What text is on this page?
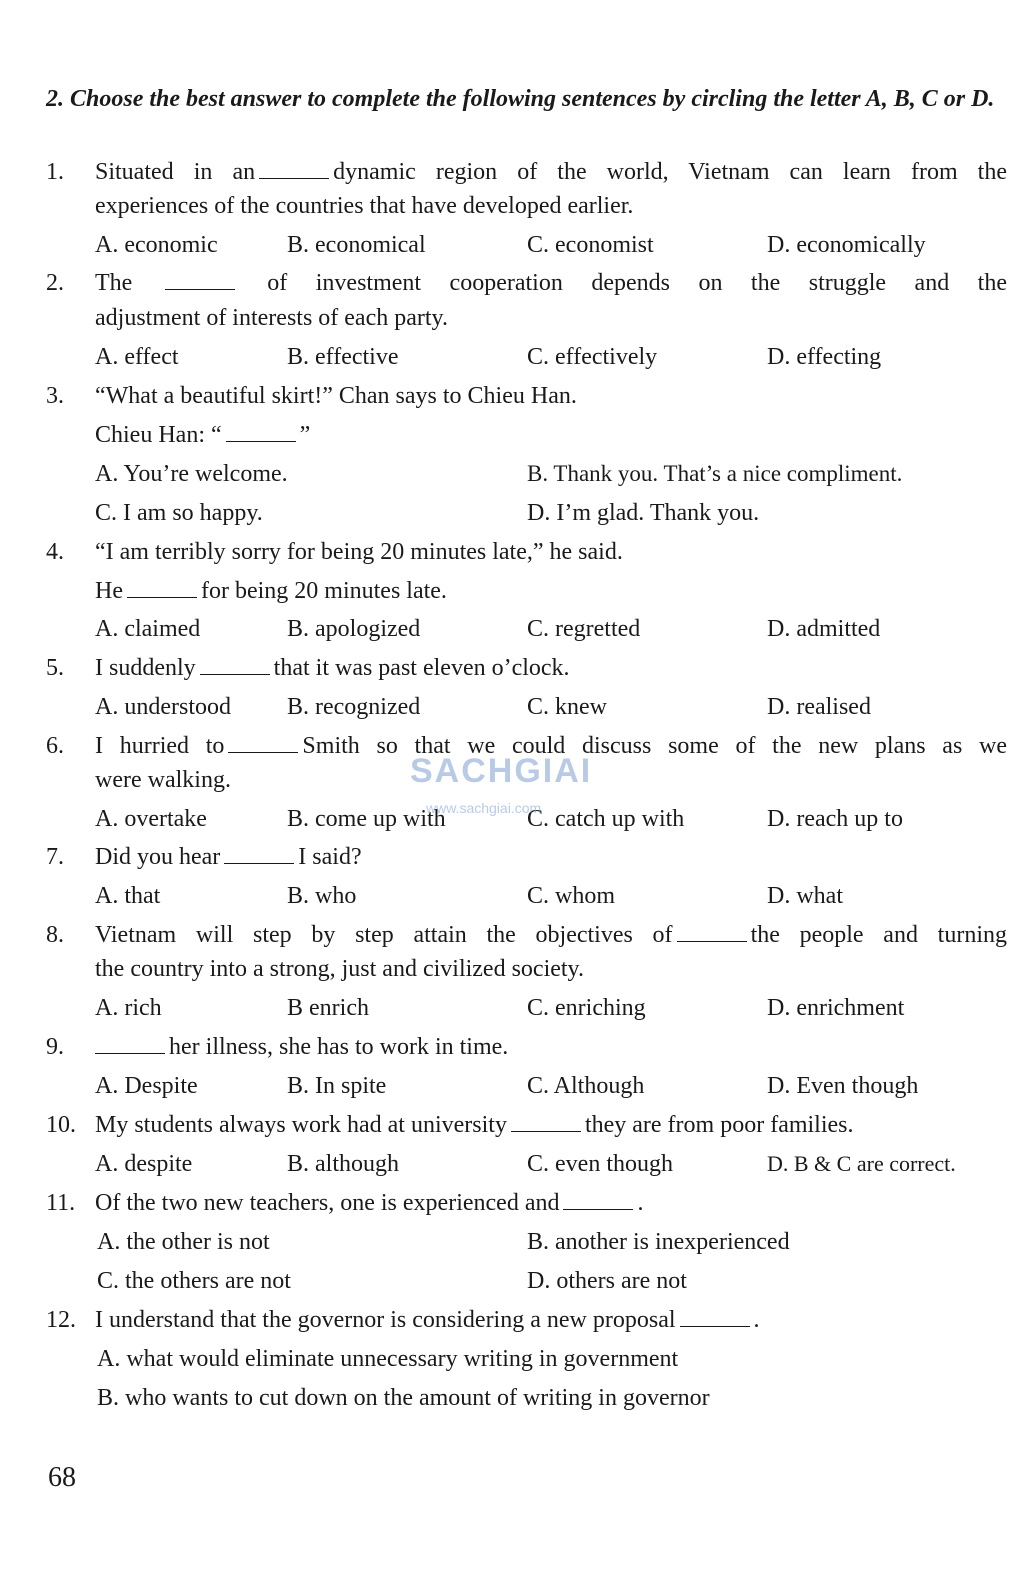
2. Choose the best answer to complete the following sentences by circling the letter A, B, C or D.
1. Situated in an	dynamic region of the world, Vietnam can learn from the
experiences of the countries that have developed earlier.
A. economic	B. economical	C. economist	D. economically
2. The	of investment cooperation depends on the struggle and the
adjustment of interests of each party.
A. effect	B. effective	C. effectively	D. effecting
3. “What a beautiful skirt!” Chan says to Chieu Han.
Chieu Han: “	”
A. You’re welcome.	B. Thank you. That’s a nice compliment.
C. I am so happy.	D. I’m glad. Thank you.
4. “I am terribly sorry for being 20 minutes late,” he said.
He	for being 20 minutes late.
A. claimed	B. apologized	C. regretted	D. admitted
5. I suddenly	that it was past eleven o’clock.
A. understood B. recognized	C. knew	D. realised
6. I hurried to	Smith so that we could discuss some of the new plans as we
were walking.
A. overtake	B. come up with	C. catch up with	D. reach up to
7. Did you hear	I said?
A. that	B. who	C. whom	D. what
8. Vietnam will step by step attain the objectives of	the people and turning
the country into a strong, just and civilized society.
A. rich	B enrich	C. enriching	D. enrichment
9.	her illness, she has to work in time.
A. Despite	B. In spite	C. Although	D. Even though
10. My students always work had at university	they are from poor families.
A. despite	B. although	C. even though	D. B & C are correct.
11. Of the two new teachers, one is experienced and	.
A. the other is not	B. another is inexperienced
C. the others are not	D. others are not
12. I understand that the governor is considering a new proposal	.
A. what would eliminate unnecessary writing in government
B. who wants to cut down on the amount of writing in governor
68
SACHGIAI
www.sachgiai.com
